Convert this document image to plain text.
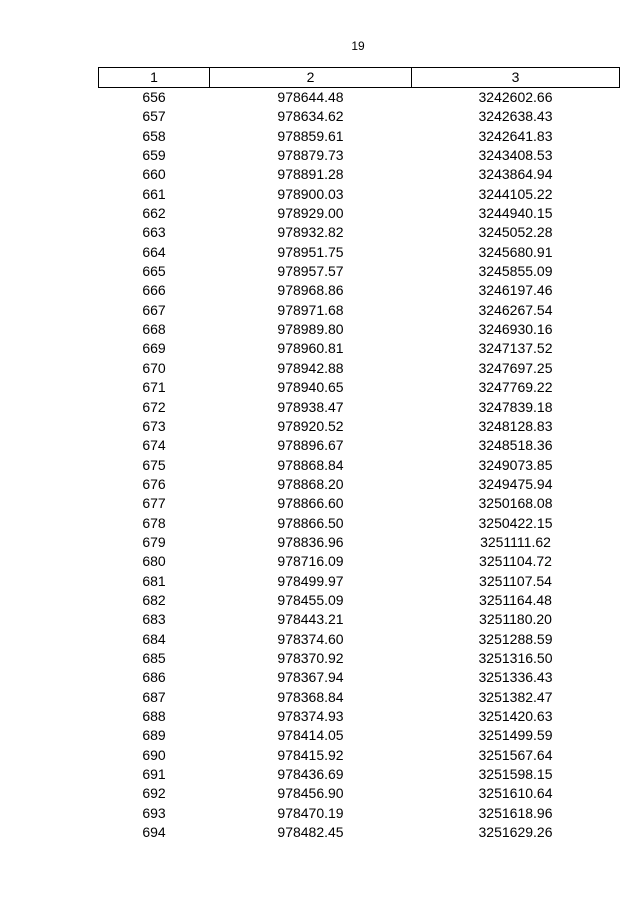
19
1	2	3
656	978644.48	3242602.66
657	978634.62	3242638.43
658	978859.61	3242641.83
659	978879.73	3243408.53
660	978891.28	3243864.94
661	978900.03	3244105.22
662	978929.00	3244940.15
663	978932.82	3245052.28
664	978951.75	3245680.91
665	978957.57	3245855.09
666	978968.86	3246197.46
667	978971.68	3246267.54
668	978989.80	3246930.16
669	978960.81	3247137.52
670	978942.88	3247697.25
671	978940.65	3247769.22
672	978938.47	3247839.18
673	978920.52	3248128.83
674	978896.67	3248518.36
675	978868.84	3249073.85
676	978868.20	3249475.94
677	978866.60	3250168.08
678	978866.50	3250422.15
679	978836.96	3251111.62
680	978716.09	3251104.72
681	978499.97	3251107.54
682	978455.09	3251164.48
683	978443.21	3251180.20
684	978374.60	3251288.59
685	978370.92	3251316.50
686	978367.94	3251336.43
687	978368.84	3251382.47
688	978374.93	3251420.63
689	978414.05	3251499.59
690	978415.92	3251567.64
691	978436.69	3251598.15
692	978456.90	3251610.64
693	978470.19	3251618.96
694	978482.45	3251629.26
